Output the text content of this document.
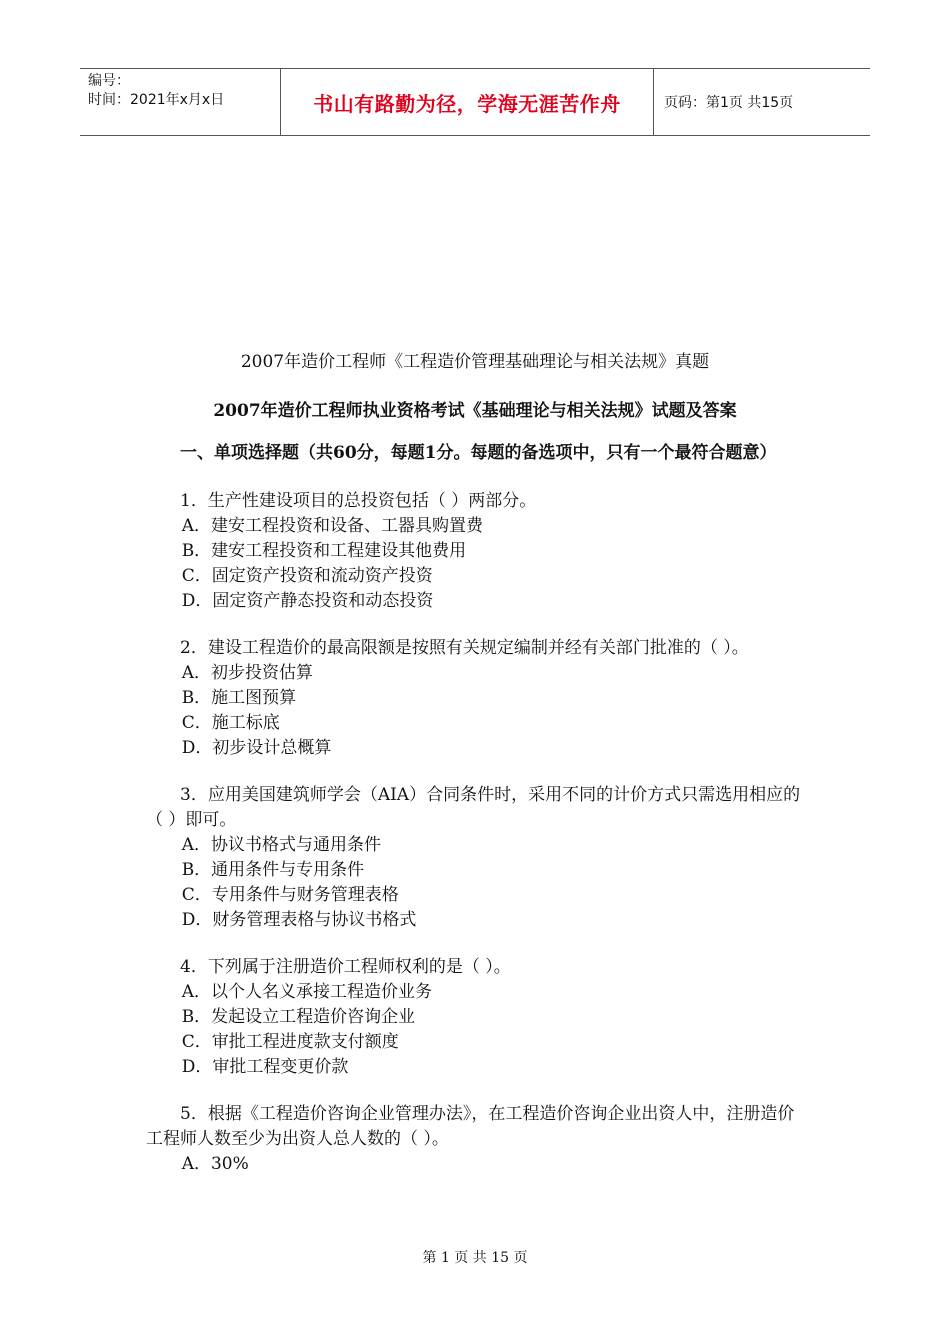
编号：
时间：2021年x月x日	书山有路勤为径，学海无涯苦作舟	页码：第1页 共15页
2007年造价工程师《工程造价管理基础理论与相关法规》真题
2007年造价工程师执业资格考试《基础理论与相关法规》试题及答案

一、单项选择题（共60分，每题1分。每题的备选项中，只有一个最符合题意）

1．生产性建设项目的总投资包括（ ）两部分。

A．建安工程投资和设备、工器具购置费

B．建安工程投资和工程建设其他费用

C．固定资产投资和流动资产投资

D．固定资产静态投资和动态投资

2．建设工程造价的最高限额是按照有关规定编制并经有关部门批准的（ ）。

A．初步投资估算

B．施工图预算

C．施工标底

D．初步设计总概算

3．应用美国建筑师学会（AIA）合同条件时，采用不同的计价方式只需选用相应的（ ）即可。

A．协议书格式与通用条件

B．通用条件与专用条件

C．专用条件与财务管理表格

D．财务管理表格与协议书格式

4．下列属于注册造价工程师权利的是（ ）。

A．以个人名义承接工程造价业务

B．发起设立工程造价咨询企业

C．审批工程进度款支付额度

D．审批工程变更价款

5．根据《工程造价咨询企业管理办法》，在工程造价咨询企业出资人中，注册造价工程师人数至少为出资人总人数的（ ）。

A．30%

第 1 页 共 15 页
